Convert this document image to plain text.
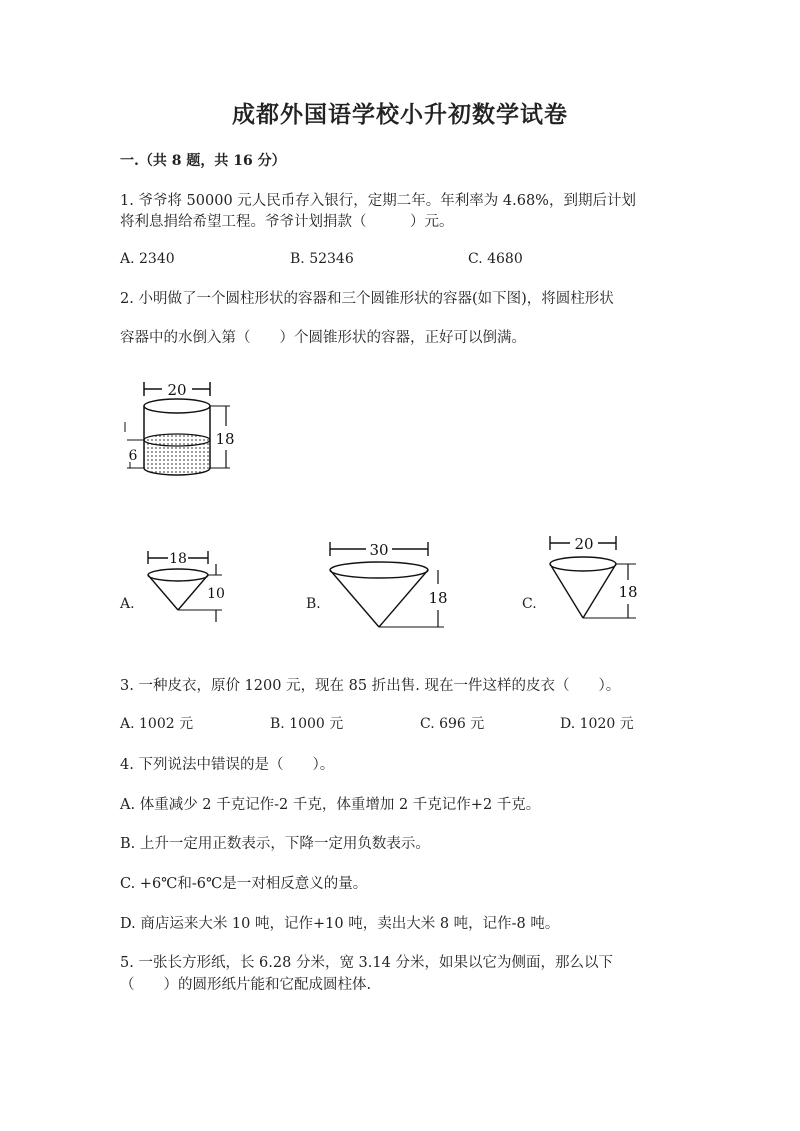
成都外国语学校小升初数学试卷
一.（共 8 题，共 16 分）
1. 爷爷将 50000 元人民币存入银行，定期二年。年利率为 4.68%，到期后计划
将利息捐给希望工程。爷爷计划捐款（　　　）元。
A. 2340	B. 52346	C. 4680
2. 小明做了一个圆柱形状的容器和三个圆锥形状的容器(如下图)，将圆柱形状
容器中的水倒入第（　　）个圆锥形状的容器，正好可以倒满。
20
18
6
A.
18
10
B.
30
18	C.
20
18
3. 一种皮衣，原价 1200 元，现在 85 折出售. 现在一件这样的皮衣（　　）。
A. 1002 元	B. 1000 元	C. 696 元	D. 1020 元
4. 下列说法中错误的是（　　）。
A. 体重减少 2 千克记作-2 千克，体重增加 2 千克记作+2 千克。
B. 上升一定用正数表示，下降一定用负数表示。
C. +6℃和-6℃是一对相反意义的量。
D. 商店运来大米 10 吨，记作+10 吨，卖出大米 8 吨，记作-8 吨。
5. 一张长方形纸，长 6.28 分米，宽 3.14 分米，如果以它为侧面，那么以下
（　　）的圆形纸片能和它配成圆柱体.
